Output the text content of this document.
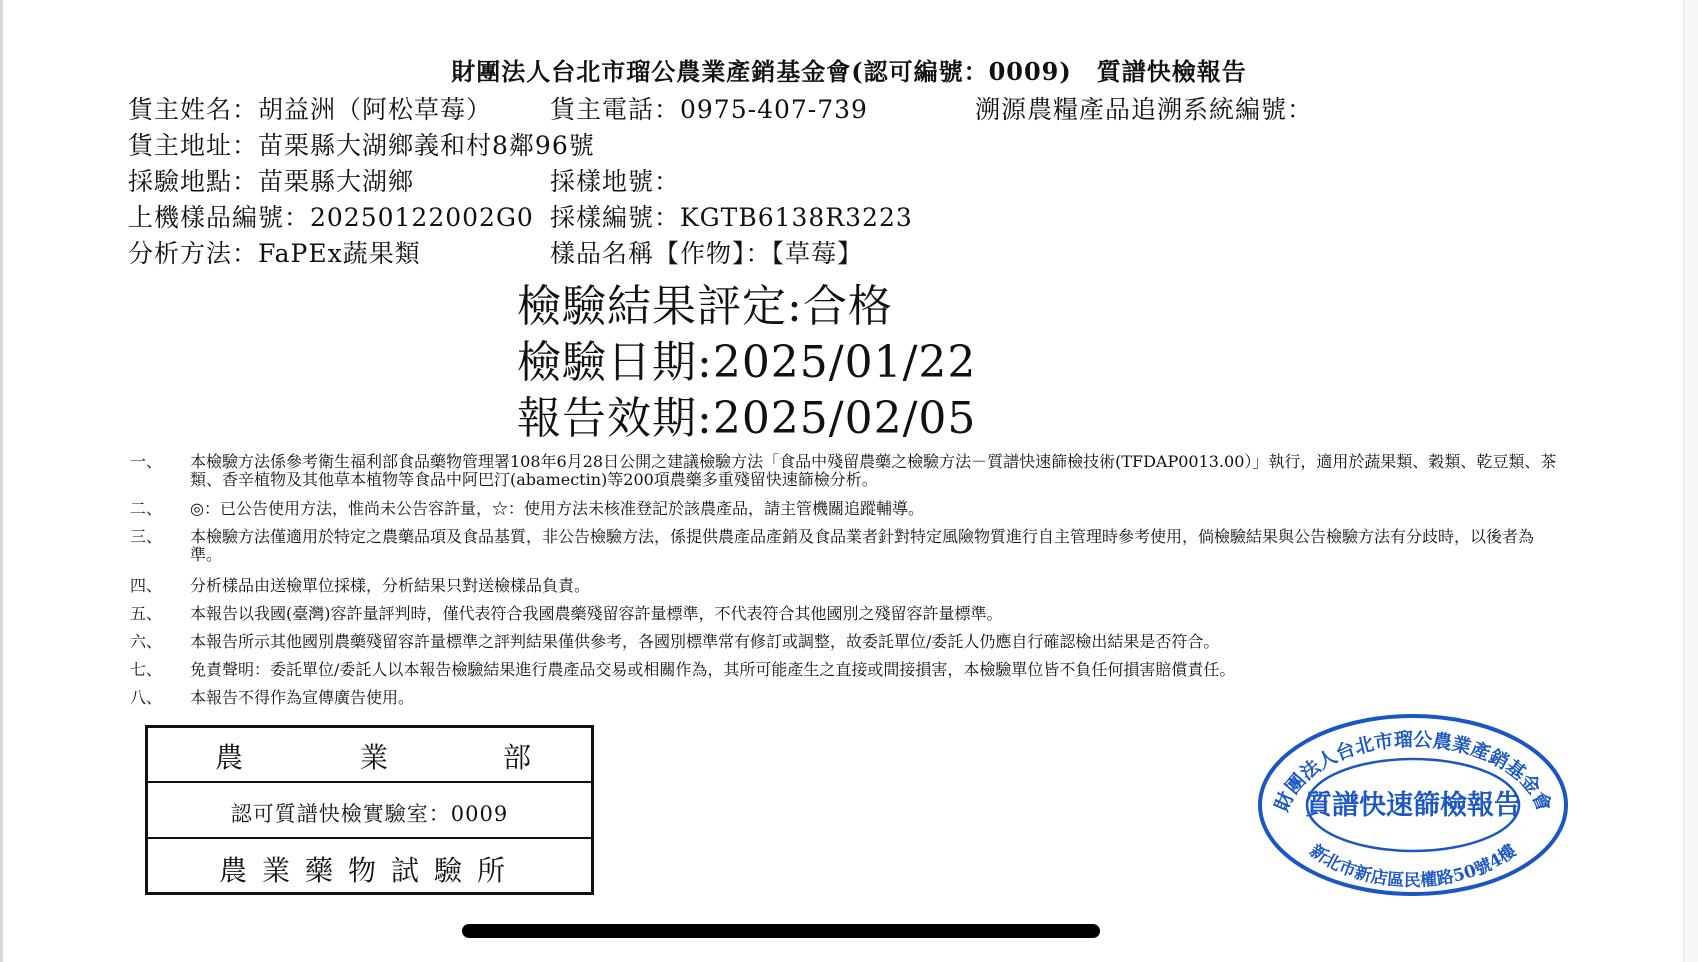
財團法人台北市瑠公農業產銷基金會(認可編號：0009)　質譜快檢報告
貨主姓名：胡益洲（阿松草莓） 貨主電話：0975-407-739	溯源農糧產品追溯系統編號：
貨主地址：苗栗縣大湖鄉義和村8鄰96號
採驗地點：苗栗縣大湖鄉	採樣地號：
上機樣品編號：20250122002G0 採樣編號：KGTB6138R3223
分析方法：FaPEx蔬果類	樣品名稱【作物】：【草莓】
檢驗結果評定:合格
檢驗日期:2025/01/22
報告效期:2025/02/05
一、 本檢驗方法係參考衛生福利部食品藥物管理署108年6月28日公開之建議檢驗方法「食品中殘留農藥之檢驗方法－質譜快速篩檢技術(TFDAP0013.00）」執行，適用於蔬果類、穀類、乾豆類、茶類、香辛植物及其他草本植物等食品中阿巴汀(abamectin)等200項農藥多重殘留快速篩檢分析。
二、 ◎：已公告使用方法，惟尚未公告容許量，☆：使用方法未核准登記於該農產品，請主管機關追蹤輔導。
三、 本檢驗方法僅適用於特定之農藥品項及食品基質，非公告檢驗方法，係提供農產品產銷及食品業者針對特定風險物質進行自主管理時參考使用，倘檢驗結果與公告檢驗方法有分歧時，以後者為準。
四、 分析樣品由送檢單位採樣，分析結果只對送檢樣品負責。
五、 本報告以我國(臺灣)容許量評判時，僅代表符合我國農藥殘留容許量標準，不代表符合其他國別之殘留容許量標準。
六、 本報告所示其他國別農藥殘留容許量標準之評判結果僅供參考，各國別標準常有修訂或調整，故委託單位/委託人仍應自行確認檢出結果是否符合。
七、 免責聲明：委託單位/委託人以本報告檢驗結果進行農產品交易或相關作為，其所可能產生之直接或間接損害，本檢驗單位皆不負任何損害賠償責任。
八、 本報告不得作為宣傳廣告使用。
農	業	部
認可質譜快檢實驗室：0009
農業藥物試驗所
財團法人台北市瑠公農業產銷基金會
質譜快速篩檢報告
新北市新店區民權路50號4樓
